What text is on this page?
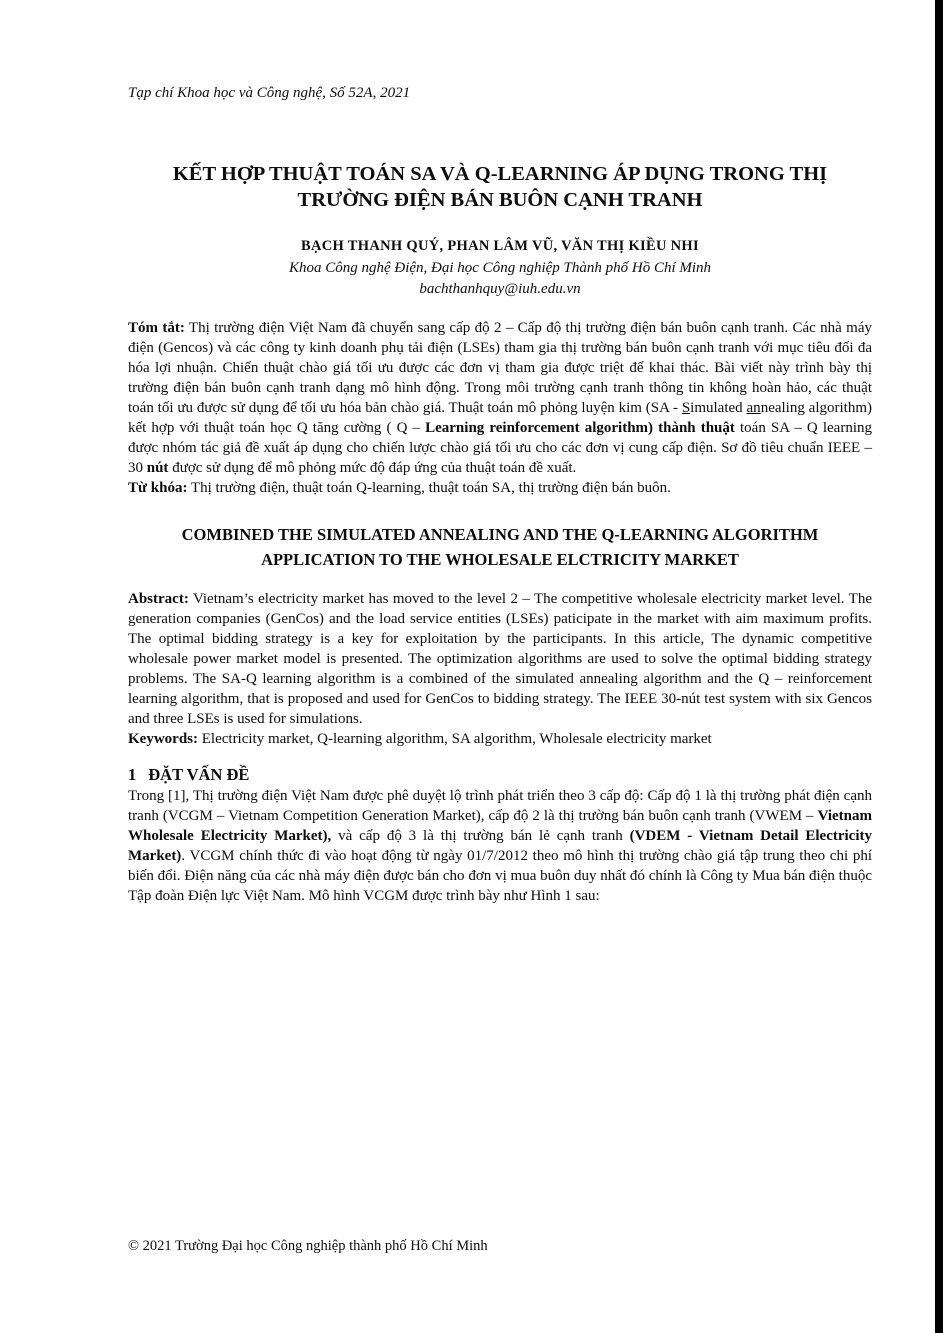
Tạp chí Khoa học và Công nghệ, Số 52A, 2021
KẾT HỢP THUẬT TOÁN SA VÀ Q-LEARNING ÁP DỤNG TRONG THỊ TRƯỜNG ĐIỆN BÁN BUÔN CẠNH TRANH
BẠCH THANH QUÝ, PHAN LÂM VŨ, VĂN THỊ KIỀU NHI
Khoa Công nghệ Điện, Đại học Công nghiệp Thành phố Hồ Chí Minh
bachthanhquy@iuh.edu.vn

Tóm tắt: Thị trường điện Việt Nam đã chuyển sang cấp độ 2 – Cấp độ thị trường điện bán buôn cạnh tranh. Các nhà máy điện (Gencos) và các công ty kinh doanh phụ tải điện (LSEs) tham gia thị trường bán buôn cạnh tranh với mục tiêu đối đa hóa lợi nhuận. Chiến thuật chào giá tối ưu được các đơn vị tham gia được triệt để khai thác. Bài viết này trình bày thị trường điện bán buôn cạnh tranh dạng mô hình động. Trong môi trường cạnh tranh thông tin không hoàn hảo, các thuật toán tối ưu được sử dụng để tối ưu hóa bản chào giá. Thuật toán mô phỏng luyện kim (SA - Simulated annealing algorithm) kết hợp với thuật toán học Q tăng cường ( Q – Learning reinforcement algorithm) thành thuật toán SA – Q learning được nhóm tác giả đề xuất áp dụng cho chiến lược chào giá tối ưu cho các đơn vị cung cấp điện. Sơ đồ tiêu chuẩn IEEE – 30 nút được sử dụng để mô phỏng mức độ đáp ứng của thuật toán đề xuất.

Từ khóa: Thị trường điện, thuật toán Q-learning, thuật toán SA, thị trường điện bán buôn.

COMBINED THE SIMULATED ANNEALING AND THE Q-LEARNING ALGORITHM APPLICATION TO THE WHOLESALE ELCTRICITY MARKET

Abstract: Vietnam’s electricity market has moved to the level 2 – The competitive wholesale electricity market level. The generation companies (GenCos) and the load service entities (LSEs) paticipate in the market with aim maximum profits. The optimal bidding strategy is a key for exploitation by the participants. In this article, The dynamic competitive wholesale power market model is presented. The optimization algorithms are used to solve the optimal bidding strategy problems. The SA-Q learning algorithm is a combined of the simulated annealing algorithm and the Q – reinforcement learning algorithm, that is proposed and used for GenCos to bidding strategy. The IEEE 30-nút test system with six Gencos and three LSEs is used for simulations.

Keywords: Electricity market, Q-learning algorithm, SA algorithm, Wholesale electricity market

1 ĐẶT VẤN ĐỀ

Trong [1], Thị trường điện Việt Nam được phê duyệt lộ trình phát triển theo 3 cấp độ: Cấp độ 1 là thị trường phát điện cạnh tranh (VCGM – Vietnam Competition Generation Market), cấp độ 2 là thị trường bán buôn cạnh tranh (VWEM – Vietnam Wholesale Electricity Market), và cấp độ 3 là thị trường bán lẻ cạnh tranh (VDEM - Vietnam Detail Electricity Market). VCGM chính thức đi vào hoạt động từ ngày 01/7/2012 theo mô hình thị trường chào giá tập trung theo chi phí biến đổi. Điện năng của các nhà máy điện được bán cho đơn vị mua buôn duy nhất đó chính là Công ty Mua bán điện thuộc Tập đoàn Điện lực Việt Nam. Mô hình VCGM được trình bày như Hình 1 sau:

© 2021 Trường Đại học Công nghiệp thành phố Hồ Chí Minh
